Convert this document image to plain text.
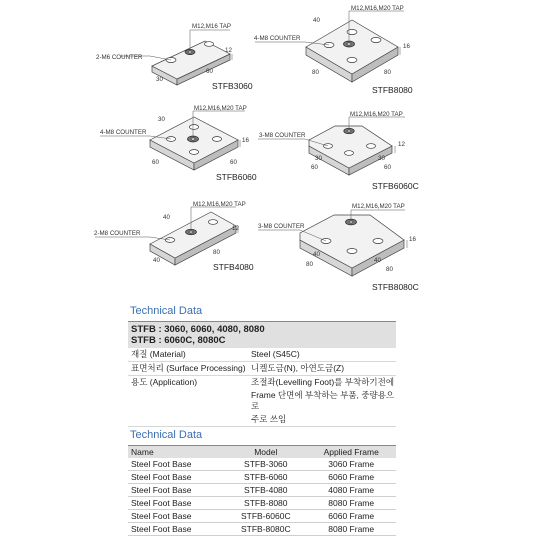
M12,M16 TAP
2-M6 COUNTER
30
12
60
STFB3060
M12,M16,M20 TAP
4-M8 COUNTER
40
16
80	80
STFB8080
M12,M16,M20 TAP
4-M8 COUNTER
30
16
60	60
STFB6060
M12,M16,M20 TAP
3-M8 COUNTER
12
30
60
30
60
STFB6060C
M12,M16,M20 TAP
2-M8 COUNTER
40
12
40
80
STFB4080
M12,M16,M20 TAP
3-M8 COUNTER
16
40
80
40
80
STFB8080C
Technical Data
STFB : 3060, 6060, 4080, 8080
STFB : 6060C, 8080C
재질 (Material)	Steel (S45C)
표면처리 (Surface Processing) 니켈도금(N), 아연도금(Z)
용도 (Application)	조절좌(Levelling Foot)를 부착하기전에
Frame 단면에 부착하는 부품, 중량용으로
주로 쓰임
Technical Data
Name	Model	Applied Frame
Steel Foot Base	STFB-3060	3060 Frame
Steel Foot Base	STFB-6060	6060 Frame
Steel Foot Base	STFB-4080	4080 Frame
Steel Foot Base	STFB-8080	8080 Frame
Steel Foot Base	STFB-6060C	6060 Frame
Steel Foot Base	STFB-8080C	8080 Frame
